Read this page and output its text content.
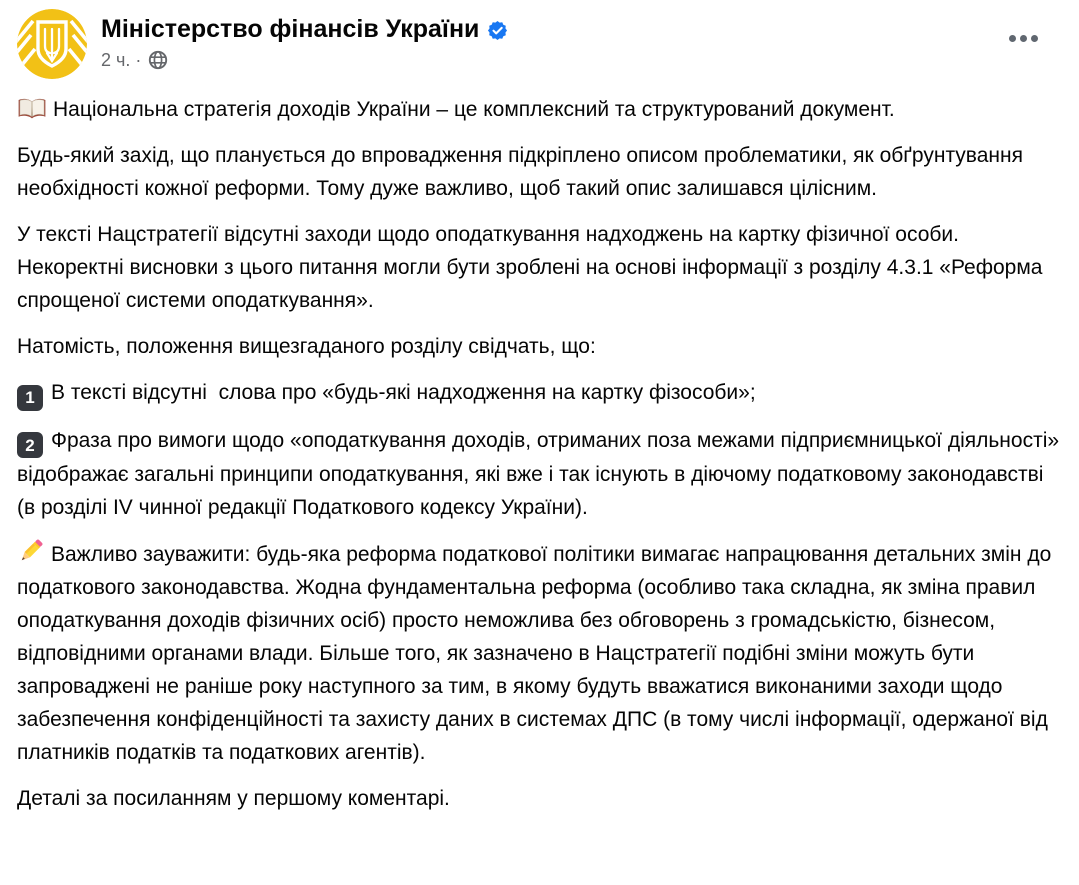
Міністерство фінансів України
2 ч. ·

Національна стратегія доходів України – це комплексний та структурований документ.

Будь-який захід, що планується до впровадження підкріплено описом проблематики, як обґрунтування необхідності кожної реформи. Тому дуже важливо, щоб такий опис залишався цілісним.

У тексті Нацстратегії відсутні заходи щодо оподаткування надходжень на картку фізичної особи. Некоректні висновки з цього питання могли бути зроблені на основі інформації з розділу 4.3.1 «Реформа спрощеної системи оподаткування».

Натомість, положення вищезгаданого розділу свідчать, що:

1 В тексті відсутні  слова про «будь-які надходження на картку фізособи»;

2 Фраза про вимоги щодо «оподаткування доходів, отриманих поза межами підприємницької діяльності» відображає загальні принципи оподаткування, які вже і так існують в діючому податковому законодавстві (в розділі IV чинної редакції Податкового кодексу України).

Важливо зауважити: будь-яка реформа податкової політики вимагає напрацювання детальних змін до податкового законодавства. Жодна фундаментальна реформа (особливо така складна, як зміна правил оподаткування доходів фізичних осіб) просто неможлива без обговорень з громадськістю, бізнесом, відповідними органами влади. Більше того, як зазначено в Нацстратегії подібні зміни можуть бути запроваджені не раніше року наступного за тим, в якому будуть вважатися виконаними заходи щодо забезпечення конфіденційності та захисту даних в системах ДПС (в тому числі інформації, одержаної від платників податків та податкових агентів).

Деталі за посиланням у першому коментарі.
